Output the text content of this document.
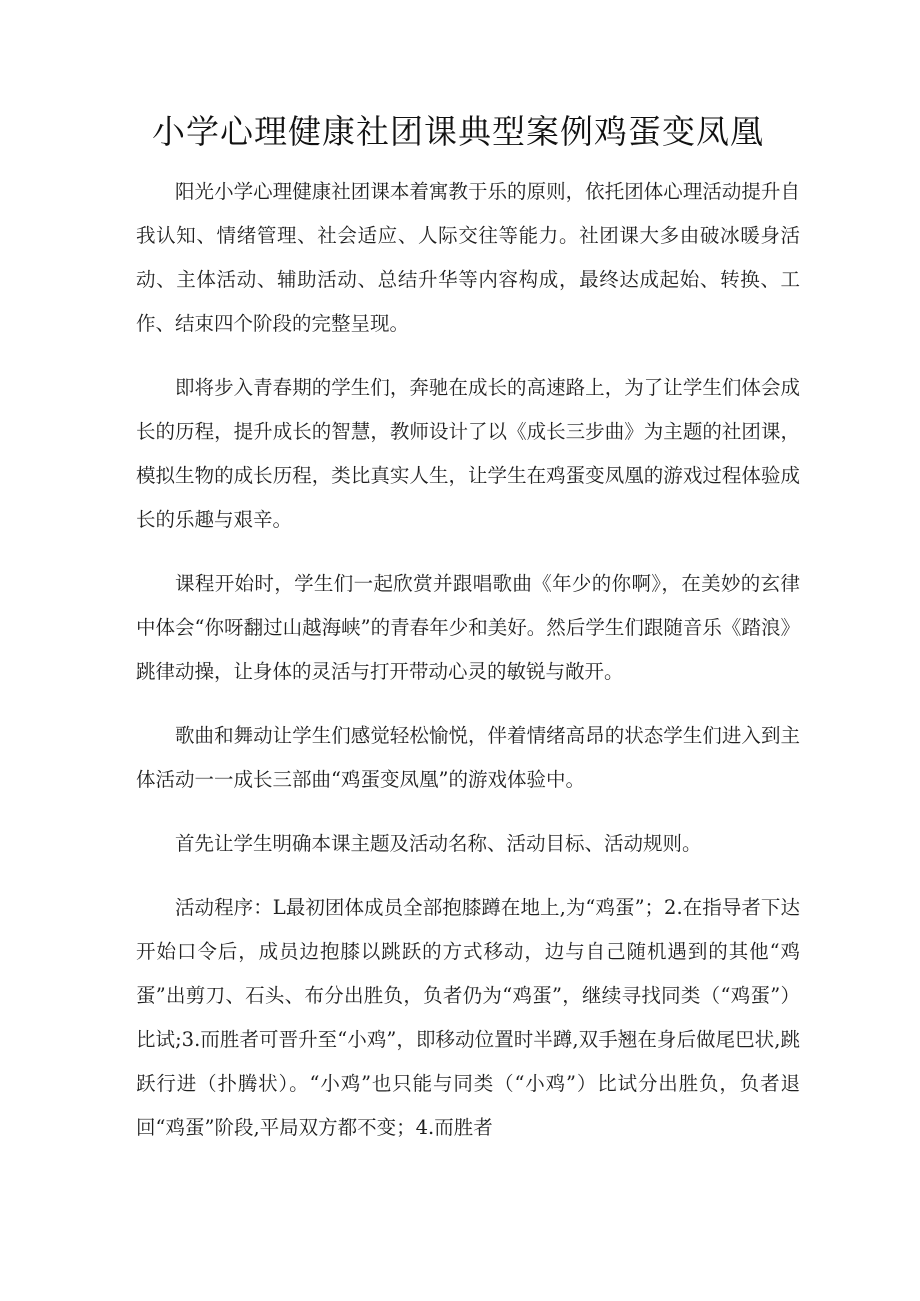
小学心理健康社团课典型案例鸡蛋变凤凰

阳光小学心理健康社团课本着寓教于乐的原则，依托团体心理活动提升自我认知、情绪管理、社会适应、人际交往等能力。社团课大多由破冰暖身活动、主体活动、辅助活动、总结升华等内容构成，最终达成起始、转换、工作、结束四个阶段的完整呈现。

即将步入青春期的学生们，奔驰在成长的高速路上，为了让学生们体会成长的历程，提升成长的智慧，教师设计了以《成长三步曲》为主题的社团课，模拟生物的成长历程，类比真实人生，让学生在鸡蛋变凤凰的游戏过程体验成长的乐趣与艰辛。

课程开始时，学生们一起欣赏并跟唱歌曲《年少的你啊》，在美妙的玄律中体会“你呀翻过山越海峡”的青春年少和美好。然后学生们跟随音乐《踏浪》跳律动操，让身体的灵活与打开带动心灵的敏锐与敞开。

歌曲和舞动让学生们感觉轻松愉悦，伴着情绪高昂的状态学生们进入到主体活动一一成长三部曲“鸡蛋变凤凰”的游戏体验中。

首先让学生明确本课主题及活动名称、活动目标、活动规则。

活动程序：L最初团体成员全部抱膝蹲在地上,为“鸡蛋”；2.在指导者下达开始口令后，成员边抱膝以跳跃的方式移动，边与自己随机遇到的其他“鸡蛋”出剪刀、石头、布分出胜负，负者仍为“鸡蛋”，继续寻找同类（“鸡蛋”）比试;3.而胜者可晋升至“小鸡”，即移动位置时半蹲,双手翘在身后做尾巴状,跳跃行进（扑腾状）。“小鸡”也只能与同类（“小鸡”）比试分出胜负，负者退回“鸡蛋”阶段,平局双方都不变；4.而胜者
